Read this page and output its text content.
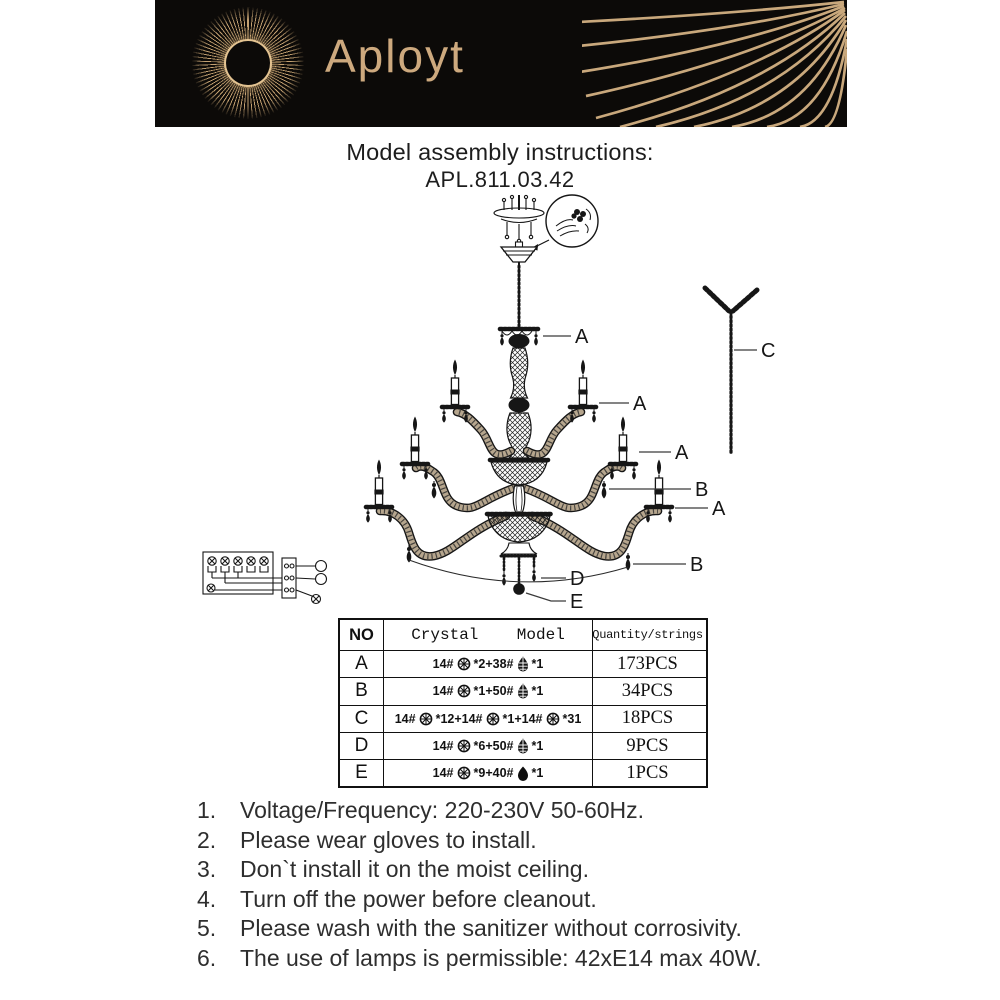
Aployt
Model assembly instructions:
APL.811.03.42
A
A
A
B
A
B
D
E
C
NO	Crystal    Model	Quantity/strings
A	14# *2+38# *1	173PCS
B	14# *1+50# *1	34PCS
C	14# *12+14# *1+14# *31	18PCS
D	14# *6+50# *1	9PCS
E	14# *9+40# *1	1PCS
1.	Voltage/Frequency: 220-230V 50-60Hz.
2.	Please wear gloves to install.
3.	Don`t install it on the moist ceiling.
4.	Turn off the power before cleanout.
5.	Please wash with the sanitizer without corrosivity.
6.	The use of lamps is permissible: 42xE14 max 40W.
